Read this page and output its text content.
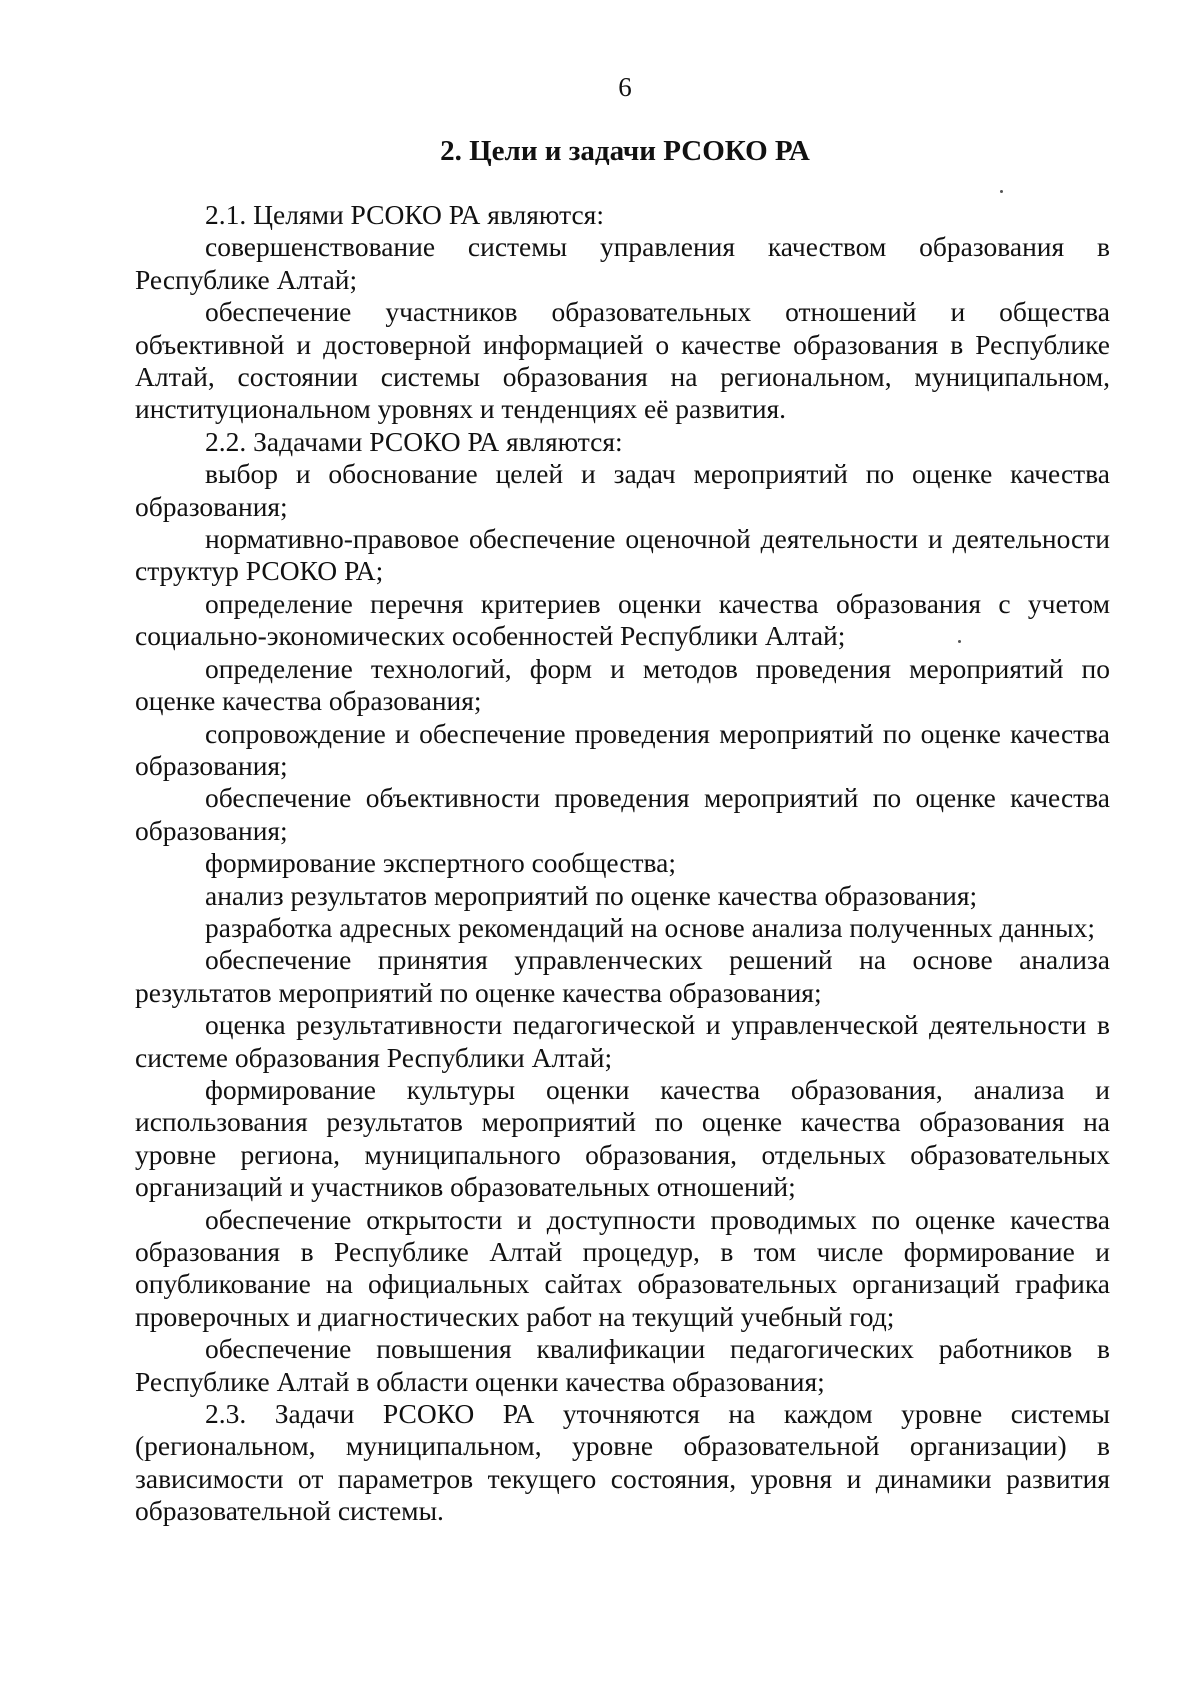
6
2. Цели и задачи РСОКО РА

2.1. Целями РСОКО РА являются:

совершенствование системы управления качеством образования в Республике Алтай;

обеспечение участников образовательных отношений и общества объективной и достоверной информацией о качестве образования в Республике Алтай, состоянии системы образования на региональном, муниципальном, институциональном уровнях и тенденциях её развития.

2.2. Задачами РСОКО РА являются:

выбор и обоснование целей и задач мероприятий по оценке качества образования;

нормативно-правовое обеспечение оценочной деятельности и деятельности структур РСОКО РА;

определение перечня критериев оценки качества образования с учетом социально-экономических особенностей Республики Алтай;

определение технологий, форм и методов проведения мероприятий по оценке качества образования;

сопровождение и обеспечение проведения мероприятий по оценке качества образования;

обеспечение объективности проведения мероприятий по оценке качества образования;

формирование экспертного сообщества;

анализ результатов мероприятий по оценке качества образования;

разработка адресных рекомендаций на основе анализа полученных данных;

обеспечение принятия управленческих решений на основе анализа результатов мероприятий по оценке качества образования;

оценка результативности педагогической и управленческой деятельности в системе образования Республики Алтай;

формирование культуры оценки качества образования, анализа и использования результатов мероприятий по оценке качества образования на уровне региона, муниципального образования, отдельных образовательных организаций и участников образовательных отношений;

обеспечение открытости и доступности проводимых по оценке качества образования в Республике Алтай процедур, в том числе формирование и опубликование на официальных сайтах образовательных организаций графика проверочных и диагностических работ на текущий учебный год;

обеспечение повышения квалификации педагогических работников в Республике Алтай в области оценки качества образования;

2.3. Задачи РСОКО РА уточняются на каждом уровне системы (региональном, муниципальном, уровне образовательной организации) в зависимости от параметров текущего состояния, уровня и динамики развития образовательной системы.
